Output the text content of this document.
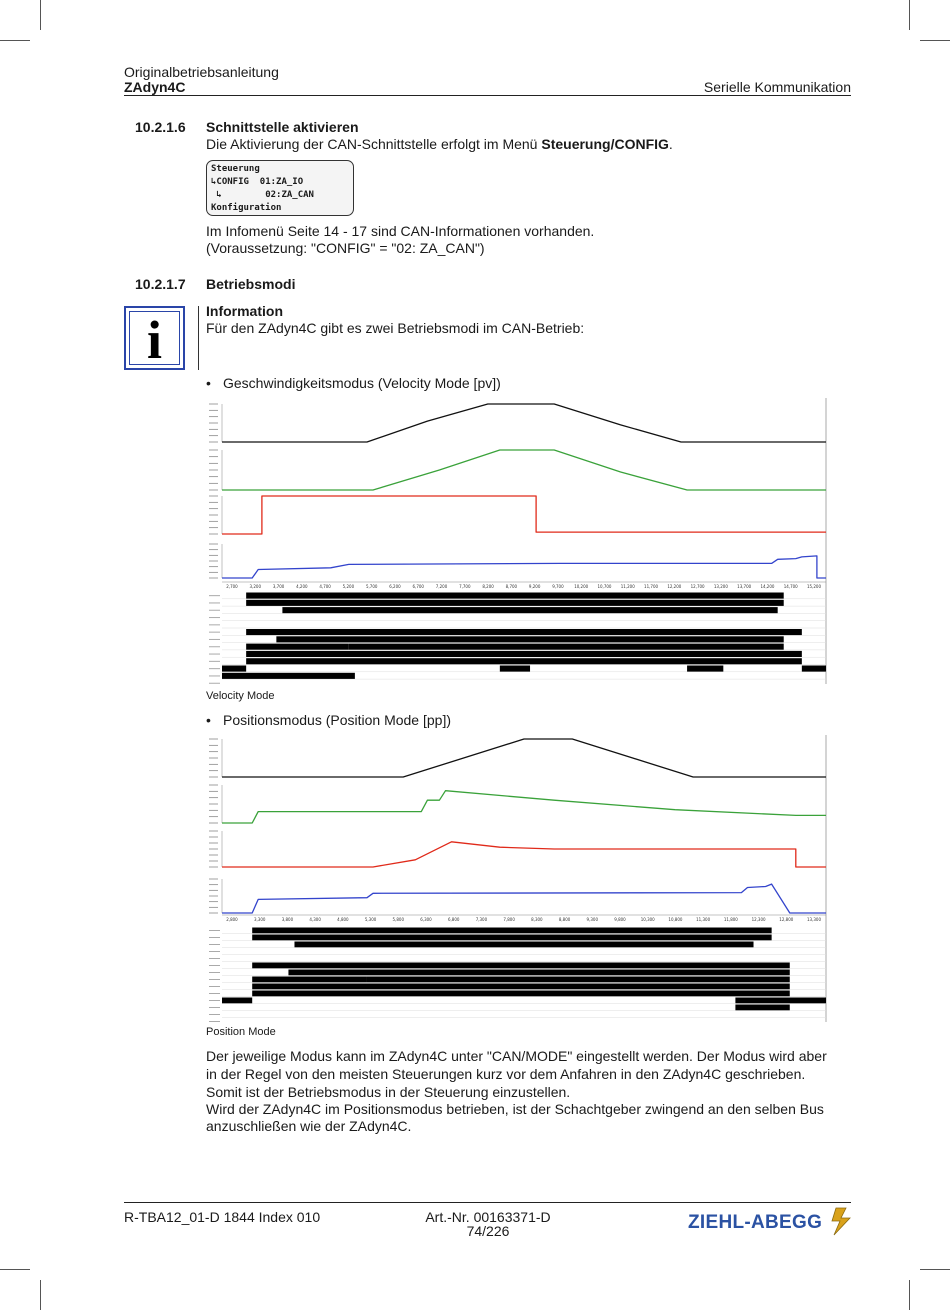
Originalbetriebsanleitung
ZAdyn4C	Serielle Kommunikation
10.2.1.6 Schnittstelle aktivieren
Die Aktivierung der CAN-Schnittstelle erfolgt im Menü Steuerung/CONFIG.
Steuerung
↳CONFIG  01:ZA_IO
↳        02:ZA_CAN
Konfiguration
Im Infomenü Seite 14 - 17 sind CAN-Informationen vorhanden.
(Voraussetzung: "CONFIG" = "02: ZA_CAN")
10.2.1.7 Betriebsmodi
i	Information
Für den ZAdyn4C gibt es zwei Betriebsmodi im CAN-Betrieb:
• Geschwindigkeitsmodus (Velocity Mode [pv])
2,700	3,200	3,700	4,200	4,700	5,200	5,700	6,200	6,700	7,200	7,700	8,200	8,700	9,200	9,700	10,200 10,700 11,200 11,700 12,200 12,700 13,200 13,700 14,200 14,700 15,200
Velocity Mode
• Positionsmodus (Position Mode [pp])
2,800	3,300	3,800	4,300	4,800	5,300	5,800	6,300	6,800	7,300	7,800	8,300	8,800	9,300	9,800	10,300	10,800	11,300	11,800	12,300	12,800	13,300
Position Mode
Der jeweilige Modus kann im ZAdyn4C unter "CAN/MODE" eingestellt werden. Der Modus wird aber
in der Regel von den meisten Steuerungen kurz vor dem Anfahren in den ZAdyn4C geschrieben.
Somit ist der Betriebsmodus in der Steuerung einzustellen.
Wird der ZAdyn4C im Positionsmodus betrieben, ist der Schachtgeber zwingend an den selben Bus
anzuschließen wie der ZAdyn4C.
R-TBA12_01-D 1844 Index 010	Art.-Nr. 00163371-D
74/226	ZIEHL-ABEGG
